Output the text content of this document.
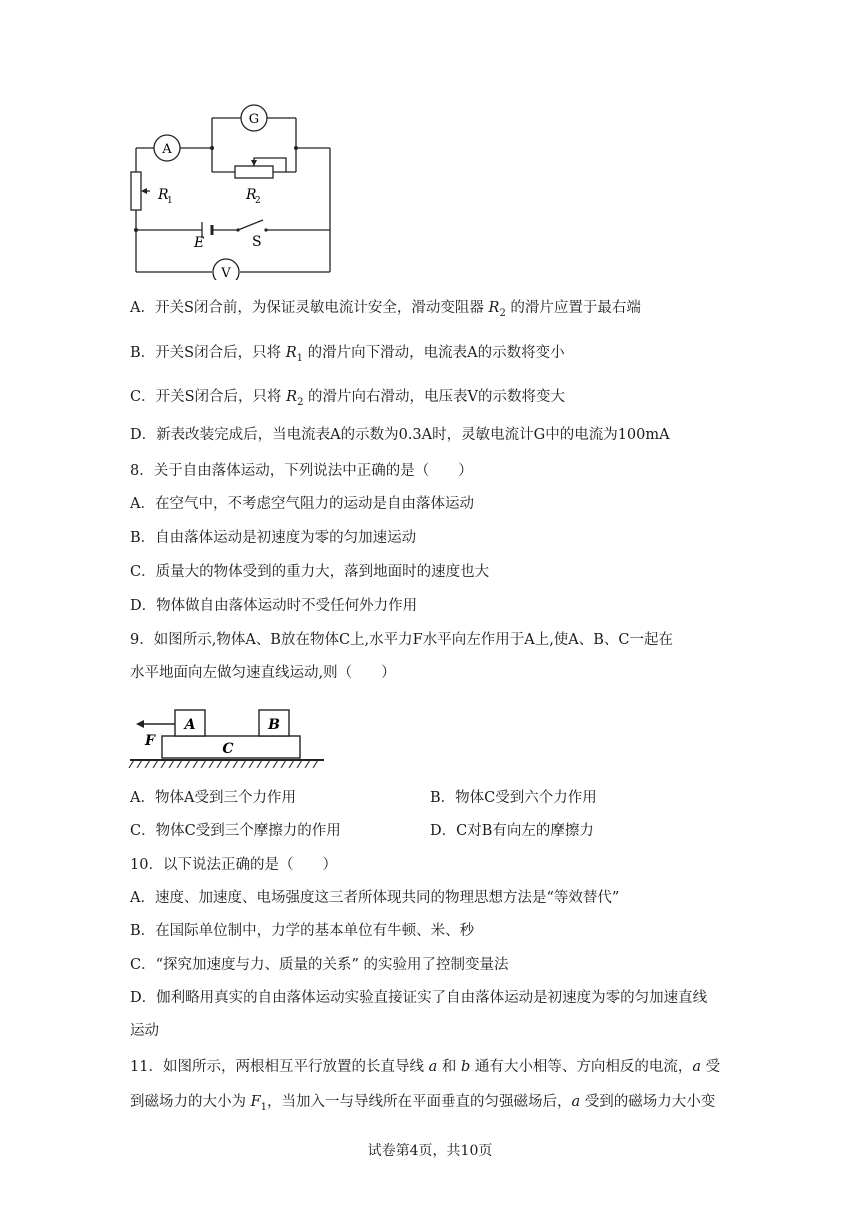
A
G
V
R
1	R
2
E	S
A．开关S闭合前，为保证灵敏电流计安全，滑动变阻器 $R_2$ 的滑片应置于最右端
B．开关S闭合后，只将 $R_1$ 的滑片向下滑动，电流表A的示数将变小
C．开关S闭合后，只将 $R_2$ 的滑片向右滑动，电压表V的示数将变大
D．新表改装完成后，当电流表A的示数为0.3A时，灵敏电流计G中的电流为100mA
8．关于自由落体运动，下列说法中正确的是（　　）
A．在空气中，不考虑空气阻力的运动是自由落体运动
B．自由落体运动是初速度为零的匀加速运动
C．质量大的物体受到的重力大，落到地面时的速度也大
D．物体做自由落体运动时不受任何外力作用
9．如图所示,物体A、B放在物体C上,水平力F水平向左作用于A上,使A、B、C一起在
水平地面向左做匀速直线运动,则（　　）
A	B
C
F
A．物体A受到三个力作用	B．物体C受到六个力作用
C．物体C受到三个摩擦力的作用	D．C对B有向左的摩擦力
10．以下说法正确的是（　　）
A．速度、加速度、电场强度这三者所体现共同的物理思想方法是“等效替代”
B．在国际单位制中，力学的基本单位有牛顿、米、秒
C．“探究加速度与力、质量的关系” 的实验用了控制变量法
D．伽利略用真实的自由落体运动实验直接证实了自由落体运动是初速度为零的匀加速直线
运动
11．如图所示，两根相互平行放置的长直导线 a 和 b 通有大小相等、方向相反的电流，a 受
到磁场力的大小为 $F_1$，当加入一与导线所在平面垂直的匀强磁场后，a 受到的磁场力大小变
试卷第4页，共10页
